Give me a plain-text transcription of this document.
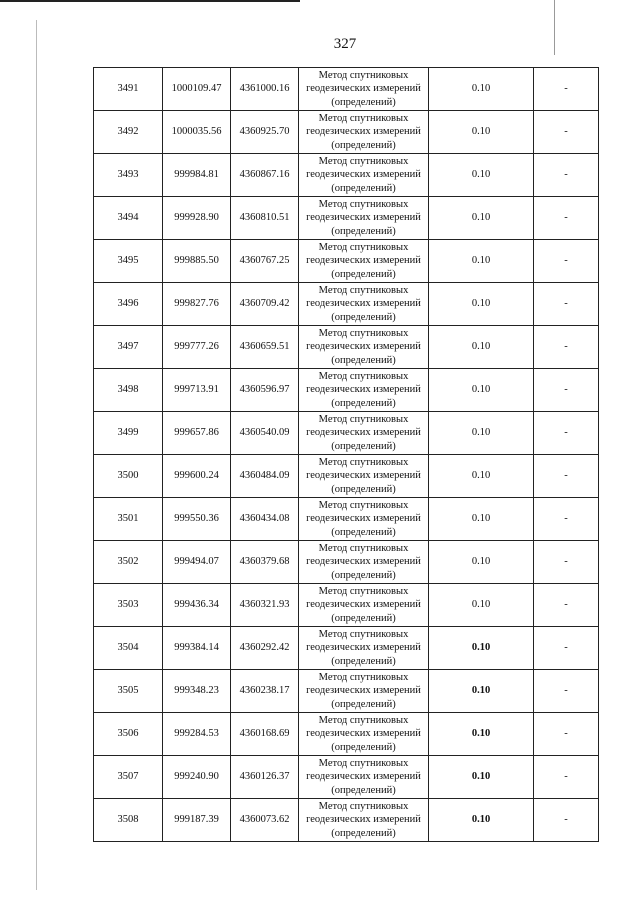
327
3491	1000109.47	4361000.16	Метод спутниковых
геодезических измерений
(определений)	0.10	-
3492	1000035.56	4360925.70	Метод спутниковых
геодезических измерений
(определений)	0.10	-
3493	999984.81	4360867.16	Метод спутниковых
геодезических измерений
(определений)	0.10	-
3494	999928.90	4360810.51	Метод спутниковых
геодезических измерений
(определений)	0.10	-
3495	999885.50	4360767.25	Метод спутниковых
геодезических измерений
(определений)	0.10	-
3496	999827.76	4360709.42	Метод спутниковых
геодезических измерений
(определений)	0.10	-
3497	999777.26	4360659.51	Метод спутниковых
геодезических измерений
(определений)	0.10	-
3498	999713.91	4360596.97	Метод спутниковых
геодезических измерений
(определений)	0.10	-
3499	999657.86	4360540.09	Метод спутниковых
геодезических измерений
(определений)	0.10	-
3500	999600.24	4360484.09	Метод спутниковых
геодезических измерений
(определений)	0.10	-
3501	999550.36	4360434.08	Метод спутниковых
геодезических измерений
(определений)	0.10	-
3502	999494.07	4360379.68	Метод спутниковых
геодезических измерений
(определений)	0.10	-
3503	999436.34	4360321.93	Метод спутниковых
геодезических измерений
(определений)	0.10	-
3504	999384.14	4360292.42	Метод спутниковых
геодезических измерений
(определений)	0.10	-
3505	999348.23	4360238.17	Метод спутниковых
геодезических измерений
(определений)	0.10	-
3506	999284.53	4360168.69	Метод спутниковых
геодезических измерений
(определений)	0.10	-
3507	999240.90	4360126.37	Метод спутниковых
геодезических измерений
(определений)	0.10	-
3508	999187.39	4360073.62	Метод спутниковых
геодезических измерений
(определений)	0.10	-
